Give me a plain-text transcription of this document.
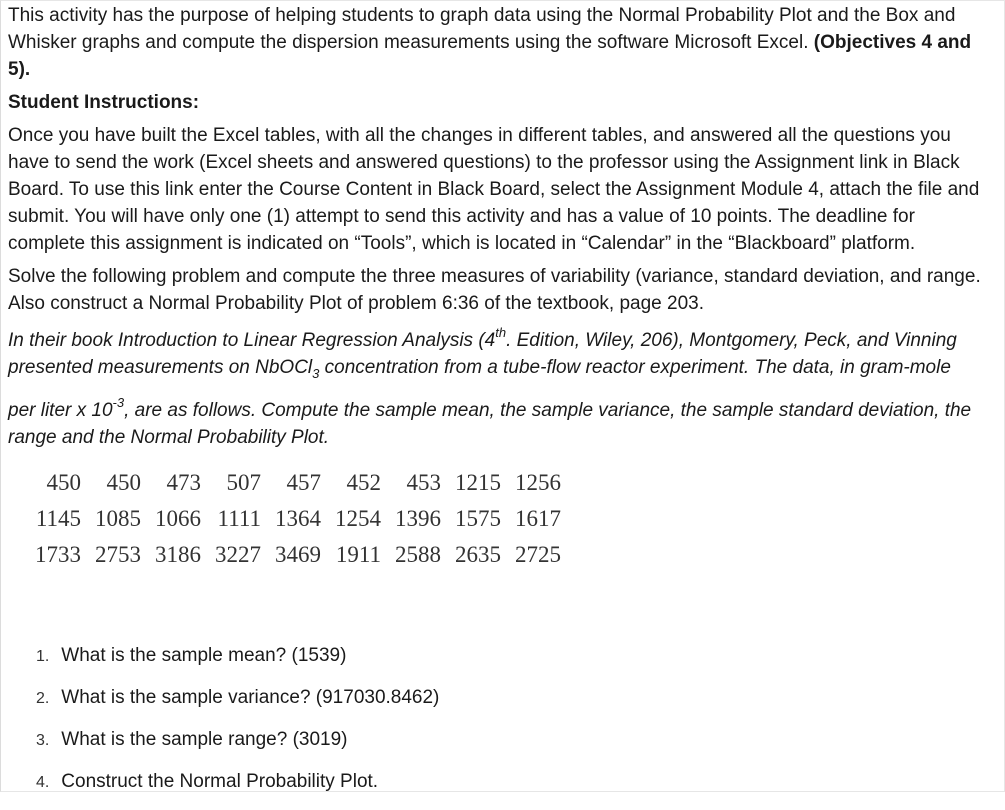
This activity has the purpose of helping students to graph data using the Normal Probability Plot and the Box and Whisker graphs and compute the dispersion measurements using the software Microsoft Excel. (Objectives 4 and 5).

Student Instructions:

Once you have built the Excel tables, with all the changes in different tables, and answered all the questions you have to send the work (Excel sheets and answered questions) to the professor using the Assignment link in Black Board. To use this link enter the Course Content in Black Board, select the Assignment Module 4, attach the file and submit. You will have only one (1) attempt to send this activity and has a value of 10 points. The deadline for complete this assignment is indicated on “Tools”, which is located in “Calendar” in the “Blackboard” platform.

Solve the following problem and compute the three measures of variability (variance, standard deviation, and range. Also construct a Normal Probability Plot of problem 6:36 of the textbook, page 203.

In their book Introduction to Linear Regression Analysis (4th. Edition, Wiley, 206), Montgomery, Peck, and Vinning presented measurements on NbOCl$_3$ concentration from a tube-flow reactor experiment. The data, in gram-mole

per liter x $10^{-3}$, are as follows. Compute the sample mean, the sample variance, the sample standard deviation, the range and the Normal Probability Plot.

450	450	473	507	457	452	453	1215	1256
1145	1085	1066	1111	1364	1254	1396	1575	1617
1733	2753	3186	3227	3469	1911	2588	2635	2725
1. What is the sample mean? (1539)
2. What is the sample variance? (917030.8462)
3. What is the sample range? (3019)
4. Construct the Normal Probability Plot.
